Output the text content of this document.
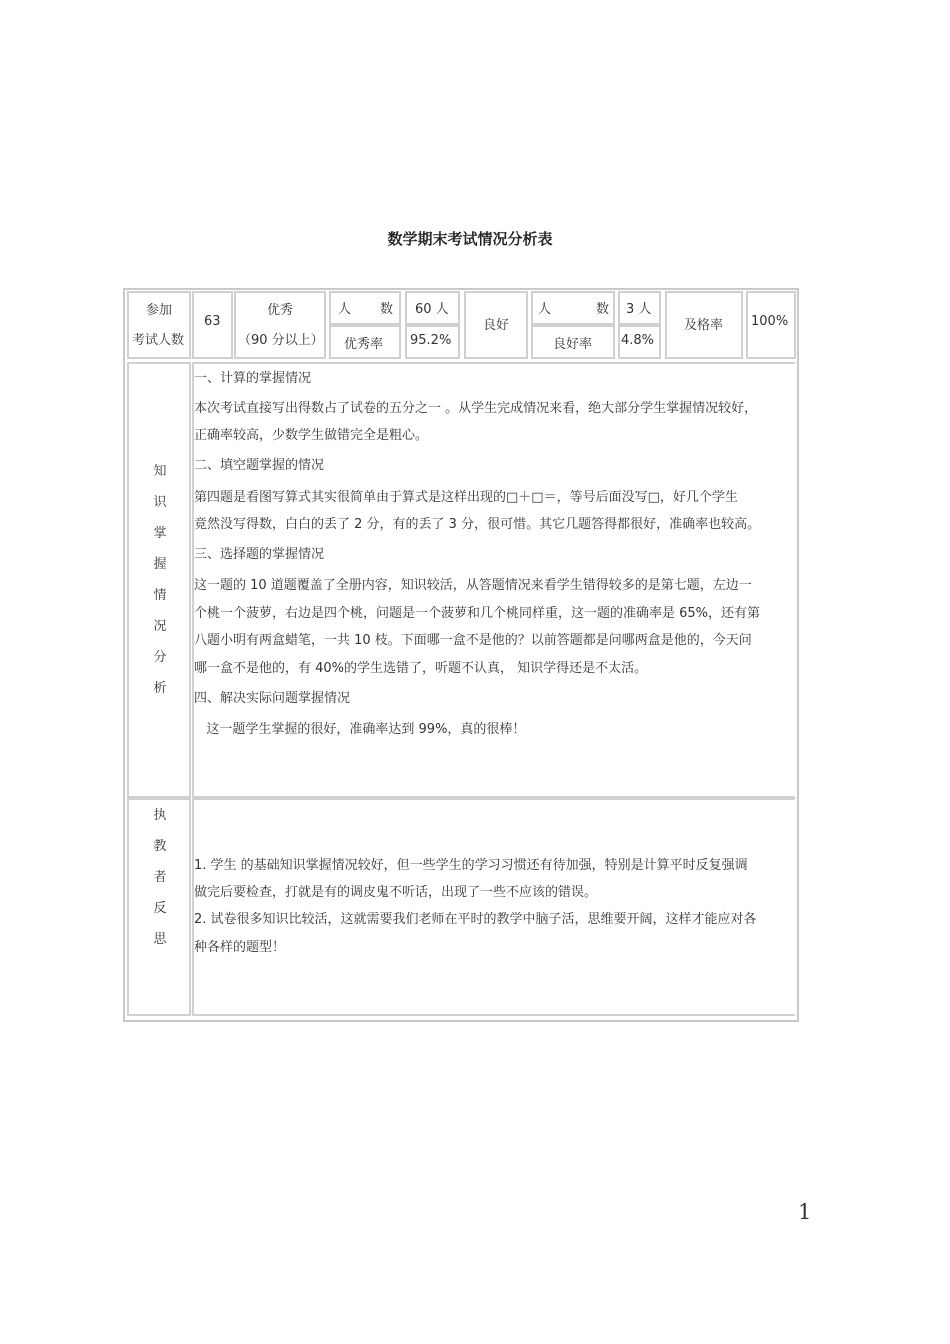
数学期末考试情况分析表
参加
考试人数
63
优秀
（90 分以上）
人 数 60 人
优秀率 95.2%
良好
人	数 3 人
良好率 4.8%
及格率 100%
知
识
掌
握
情
况
分
析

一、计算的掌握情况

本次考试直接写出得数占了试卷的五分之一 。从学生完成情况来看，绝大部分学生掌握情况较好，

正确率较高，少数学生做错完全是粗心。

二、填空题掌握的情况

第四题是看图写算式其实很简单由于算式是这样出现的□＋□＝，等号后面没写□，好几个学生

竟然没写得数，白白的丢了 2 分，有的丢了 3 分，很可惜。其它几题答得都很好，准确率也较高。

三、选择题的掌握情况

这一题的 10 道题覆盖了全册内容，知识较活，从答题情况来看学生错得较多的是第七题，左边一

个桃一个菠萝，右边是四个桃，问题是一个菠萝和几个桃同样重，这一题的准确率是 65%，还有第

八题小明有两盒蜡笔，一共 10 枝。下面哪一盒不是他的？以前答题都是问哪两盒是他的，今天问

哪一盒不是他的，有 40%的学生选错了，听题不认真， 知识学得还是不太活。

四、解决实际问题掌握情况

这一题学生掌握的很好，准确率达到 99%，真的很棒！

执
教
者
反
思

1. 学生 的基础知识掌握情况较好，但一些学生的学习习惯还有待加强，特别是计算平时反复强调

做完后要检查，打就是有的调皮鬼不听话，出现了一些不应该的错误。

2. 试卷很多知识比较活，这就需要我们老师在平时的教学中脑子活，思维要开阔，这样才能应对各

种各样的题型！

1
